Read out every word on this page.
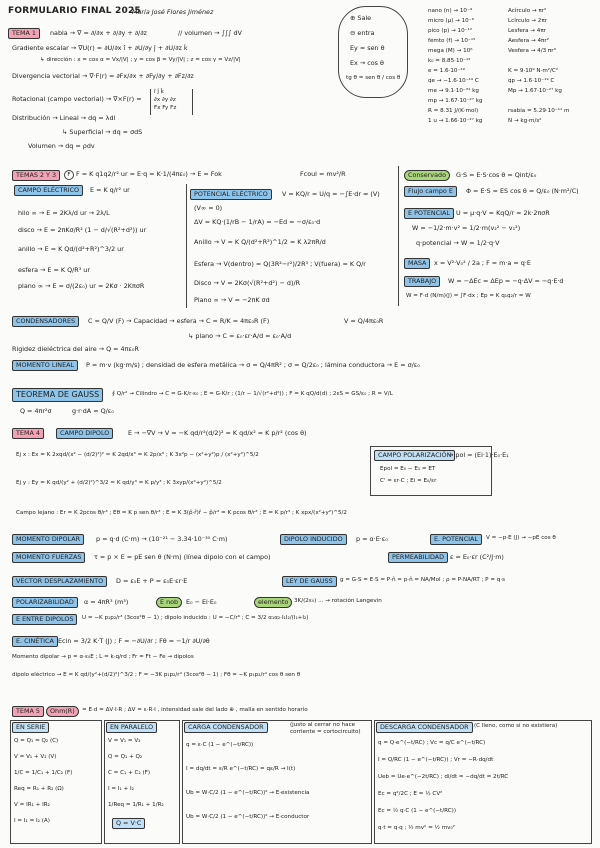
FORMULARIO FINAL 2025
María José Flores Jiménez
TEMA 1	nabla → ∇ = ∂/∂x + ∂/∂y + ∂/∂z	// volumen → ∫∫∫ dV
Gradiente escalar → ∇U(r) = ∂U/∂x î + ∂U/∂y ĵ + ∂U/∂z k̂
↳ dirección : x = cos α = Vx/|V| ; y = cos β = Vy/|V| ; z = cos γ = Vz/|V|
Divergencia vectorial → ∇·F(r) = ∂Fx/∂x + ∂Fy/∂y + ∂Fz/∂z
Rotacional (campo vectorial) → ∇×F(r) =
î ĵ k̂
∂x ∂y ∂z
Fx Fy Fz
Distribución → Lineal → dq = λdl
↳ Superficial → dq = σdS
Volumen → dq = ρdv
⊕ Sale
⊖ entra
Ey = sen θ
Ex → cos θ
tg θ = sen θ / cos θ
nano (n) → 10⁻⁹
micro (μ) → 10⁻⁶
pico (p) → 10⁻¹²
femto (f) → 10⁻¹⁵
mega (M) → 10⁶
k₀ = 8.85·10⁻¹²
e = 1.6·10⁻¹⁹
qe → −1.6·10⁻¹⁹ C
me → 9.1·10⁻³¹ kg
mp → 1.67·10⁻²⁷ kg
R = 8.31 J/(K·mol)
1 u → 1.66·10⁻²⁷ kg
Acírculo → πr²
Lcírculo → 2πr
Lesfera → 4πr
Aesfera → 4πr²
Vesfera → 4/3 πr³
K = 9·10⁹ N·m²/C²
qp → 1.6·10⁻¹⁹ C
Mp → 1.67·10⁻²⁷ kg
rsabia = 5.29·10⁻¹¹ m
N → kg·m/s²
TEMAS 2 Y 3	F F = K q1q2/r² ur = E·q = K·1/(4πε₀) → E = Fok	Fcoul = mv²/R
CAMPO ELÉCTRICO	E = K q/r² ur
hilo ∞ → E = 2Kλ/d ur → 2λ/L
disco → E = 2πKσ/R² (1 − d/√(R²+d²)) ur
anillo → E = K Qd/(d²+R²)^3/2 ur
esfera → E = K Q/R³ ur
plano ∞ → E = σ/(2ε₀) ur = 2Kσ · 2KπσR
POTENCIAL ELÉCTRICO	V = KQ/r = U/q = −∫E·dr ≈ (V)
(V∞ = 0)
ΔV = KQ·(1/rB − 1/rA) = −Ed = −σ/ε₀·d
Anillo → V = K Q/(d²+R²)^1/2 = K λ2πR/d
Esfera → V(dentro) = Q(3R²−r²)/2R³ ; V(fuera) = K Q/r
Disco → V = 2Kσ(√(R²+d²) − d)/R
Plano ∞ → V = −2πK σd
Conservado	G·S = E·S·cos θ = Qint/ε₀
Flujo campo E	Φ = E·S = ES cos θ = Q/ε₀ (N·m²/C)
E POTENCIAL U = μ·q·V = KqQ/r = 2k·2πσR
W = −1/2·m·v² = 1/2·m(v₂² − v₁²)
q·potencial → W = 1/2·q·V
MASA	x = V²·V₀² / 2a ; F = m·a = q·E
TRABAJO	W = −ΔEc = ΔEp = −q·ΔV = −q·E·d
W = F·d (N/m)(J) = ∫F·dx ; Ep = K q₁q₂/r = W
CONDENSADORES	C = Q/V (F) → Capacidad → esfera → C = R/K = 4πε₀R (F)	V = Q/4πε₀R
↳ plano → C = ε₀·εr·A/d = ε₀·A/d
Rigidez dieléctrica del aire → Q = 4πε₀R
MOMENTO LINEAL	P = m·v (kg·m/s) ; densidad de esfera metálica → σ = Q/4πR² ; σ = Q/2ε₀ ; lámina conductora → E = σ/ε₀
TEOREMA DE GAUSS	∮ Q/r² → Cilindro → C = G·K/r·ε₀ ; E = G·K/r ; (1/r − 1/√(r²+d²)) ; F = K qQ/d(d) ; 2εS = GS/ε₀ ; R = V/L
Q = 4πr²σ	g·r·dA = Q/ε₀
TEMA 4	CAMPO DIPOLO	E → −∇V → V = −K qd/r²(d/2)² = K qd/x² = K p/r² (cos θ)
Ej x : Ex = K 2xqd/(x² − (d/2)²)² ≈ K 2qd/x³ = K 2p/x³ ; K 3x²p − (x²+y²)p / (x²+y²)^5/2
Ej y : Ey = K qd/(y² + (d/2)²)^3/2 ≈ K qd/y³ = K p/y³ ; K 3xyp/(x²+y²)^5/2
CAMPO POLARIZACIÓN
→ pol = (Ei·1)·E₀·E₁
Epol = E₀ − E₁ = ET
C' = εr·C ; Ei = E₀/εr
Campo lejano : Er = K 2pcos θ/r³ ; Eθ = K p sen θ/r³ ; E = K 3(p̂·r̂)r̂ − p̂/r³ = K pcos θ/r³ ; E = K p/r³ ; K xpx/(x²+y²)^5/2
MOMENTO DIPOLAR	p = q·d (C·m) → (10⁻²¹ − 3.34·10⁻³⁰ C·m)	DIPOLO INDUCIDO	p = α·E·ε₀	E. POTENCIAL	V = −p·E (J) → −pE cos θ
MOMENTO FUERZAS	τ = p × E = pE sen θ (N·m) (línea dipolo con el campo)	PERMEABILIDAD ε = E₀·εr (C²/J·m)
VECTOR DESPLAZAMIENTO	D = ε₀E + P = ε₀E·εr·E	LEY DE GAUSS	g = G·S = E·S = P·n̂ = p·n̂ = NA/Mol ; ρ = P·NA/RT ; P = q·s
POLARIZABILIDAD	α = 4πR³ (m³)	E nob	E₀ − Ei·E₀	elemento	3K/(2ε₀) ... → rotación Langevin
E ENTRE DIPOLOS	U = −K p₁p₂/r³ (3cos²θ − 1) ; dipolo inducido : U = −C/r⁶ ; C = 3/2 α₁α₂·I₁I₂/(I₁+I₂)
E. CINÉTICA Ecin = 3/2 K·T (J) ; F = −∂U/∂r ; Fθ = −1/r ∂U/∂θ
Momento dipolar → p = α·ε₀E ; L = k·q/rd ; Fr = Ft − Fe → dipolos
dipolo eléctrico → E = K qd/(y²+(d/2)²)^3/2 ; F = −3K p₁p₂/r⁴ (3cos²θ − 1) ; Fθ = −K p₁p₂/r⁴ cos θ sen θ
TEMA 5	Ohm(R)	= E·d = ΔV·I·R ; ΔV = ε·R·I , intensidad sale del lado ⊕ , malla en sentido horario
EN SERIE
Q = Q₁ = Q₂ (C)
V = V₁ + V₂ (V)
1/C = 1/C₁ + 1/C₂ (F)
Req = R₁ + R₂ (Ω)
V = IR₁ + IR₂
I = I₁ = I₂ (A)
EN PARALELO
V = V₁ = V₂
Q = Q₁ + Q₂
C = C₁ + C₂ (F)
I = I₁ + I₂
1/Req = 1/R₁ + 1/R₂
Q = V·C
CARGA CONDENSADOR	(justo al cerrar no hace corriente = cortocircuito)
q = ε·C (1 − e^(−t/RC))
I = dq/dt = ε/R e^(−t/RC) = qε/R → I(t)
Ub = W·C/2 (1 − e^(−t/RC))² → E·existencia
Ub = W·C/2 (1 − e^(−t/RC))² → E·conductor
DESCARGA CONDENSADOR (C lleno, como si no existiera)
q = Q·e^(−t/RC) ; Vc = q/C e^(−t/RC)
I = Q/RC (1 − e^(−t/RC)) ; Vr = −R·dq/dt
Ueb = Ue·e^(−2t/RC) ; di/dt = −dq/dt = 2t/RC
Ec = q²/2C ; E = ½ CV²
Ec = ½ q·C (1 − e^(−t/RC))
q·t = q·q ; ½ mv² = ½ mv₀²
